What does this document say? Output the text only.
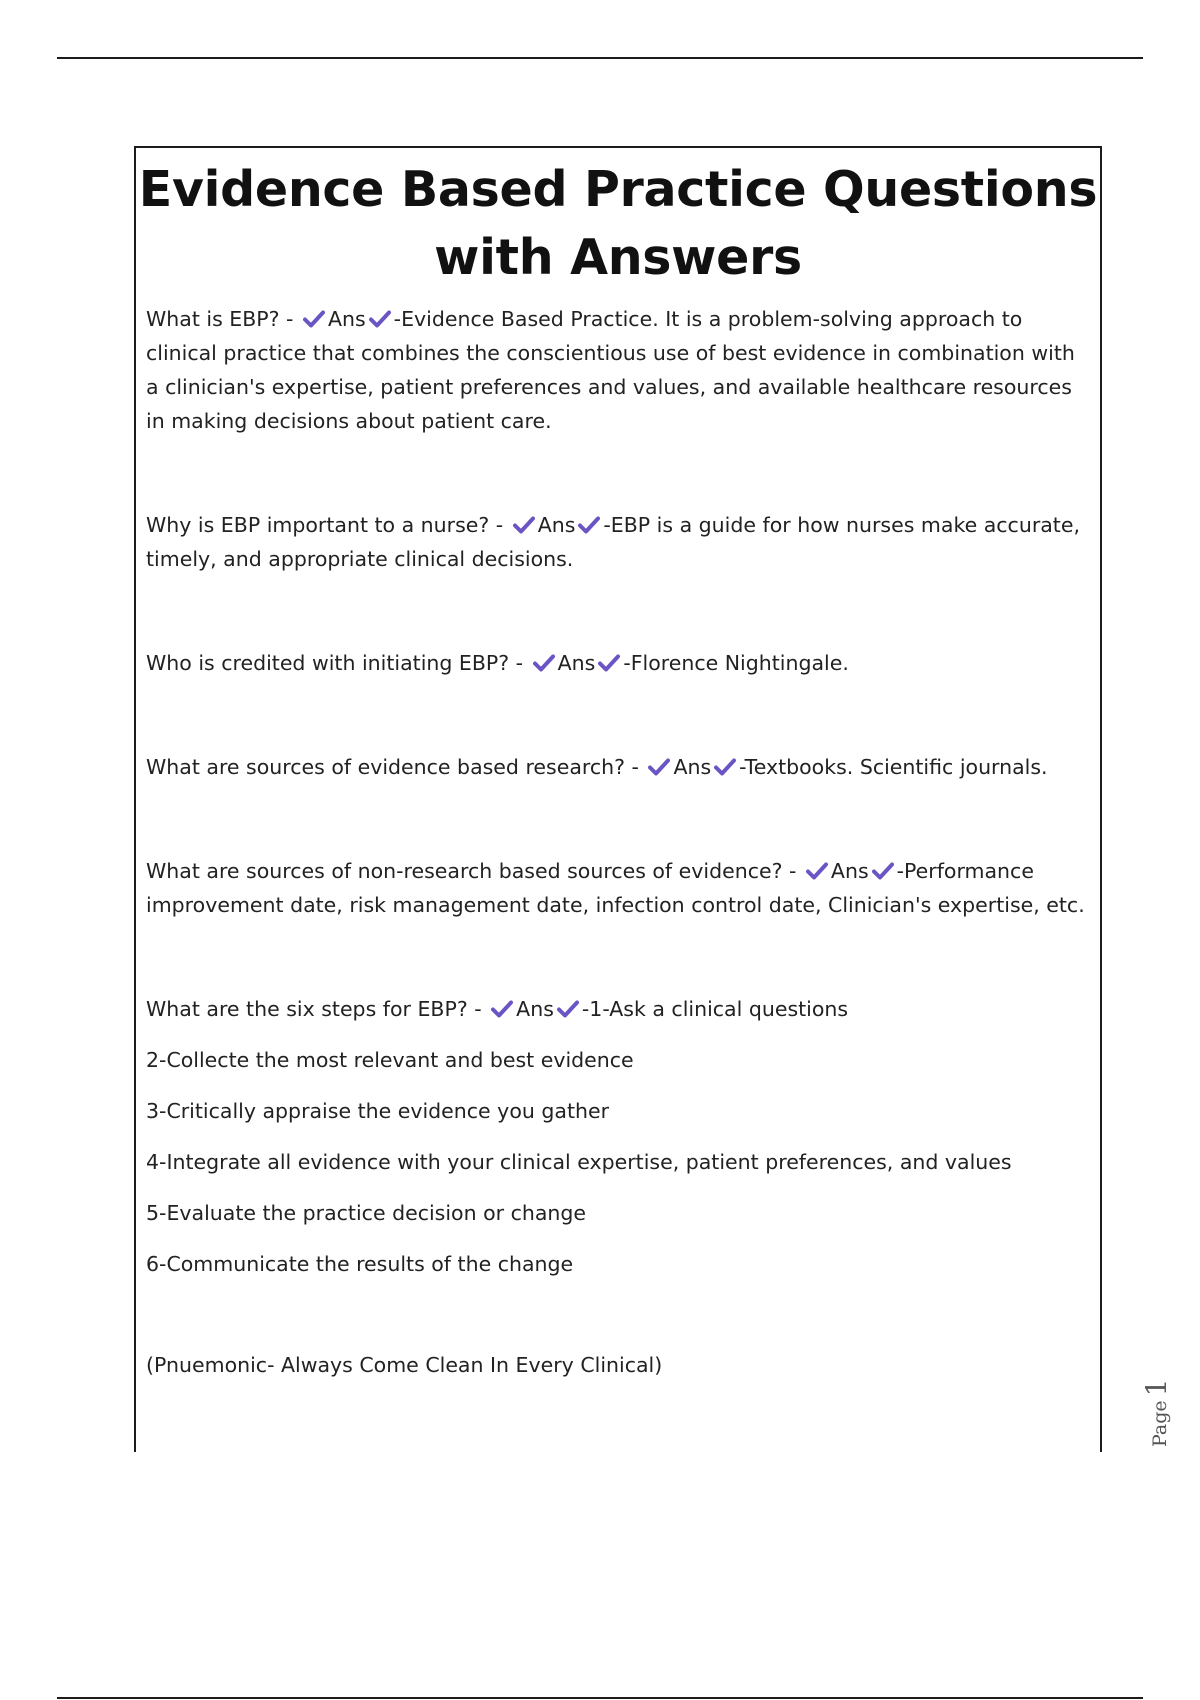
Evidence Based Practice Questions
with Answers

What is EBP? -
Ans -Evidence Based Practice. It is a problem-solving approach to clinical practice that combines the conscientious use of best evidence in combination with a clinician's expertise, patient preferences and values, and available healthcare resources in making decisions about patient care.

Why is EBP important to a nurse? -
Ans -EBP is a guide for how nurses make accurate, timely, and appropriate clinical decisions.

Who is credited with initiating EBP? -
Ans -Florence Nightingale.

What are sources of evidence based research? -
Ans -Textbooks. Scientific journals.

What are sources of non-research based sources of evidence? -
Ans -Performance improvement date, risk management date, infection control date, Clinician's expertise, etc.

What are the six steps for EBP? -
Ans -1-Ask a clinical questions

2-Collecte the most relevant and best evidence

3-Critically appraise the evidence you gather

4-Integrate all evidence with your clinical expertise, patient preferences, and values

5-Evaluate the practice decision or change

6-Communicate the results of the change

(Pnuemonic- Always Come Clean In Every Clinical)

Page1
